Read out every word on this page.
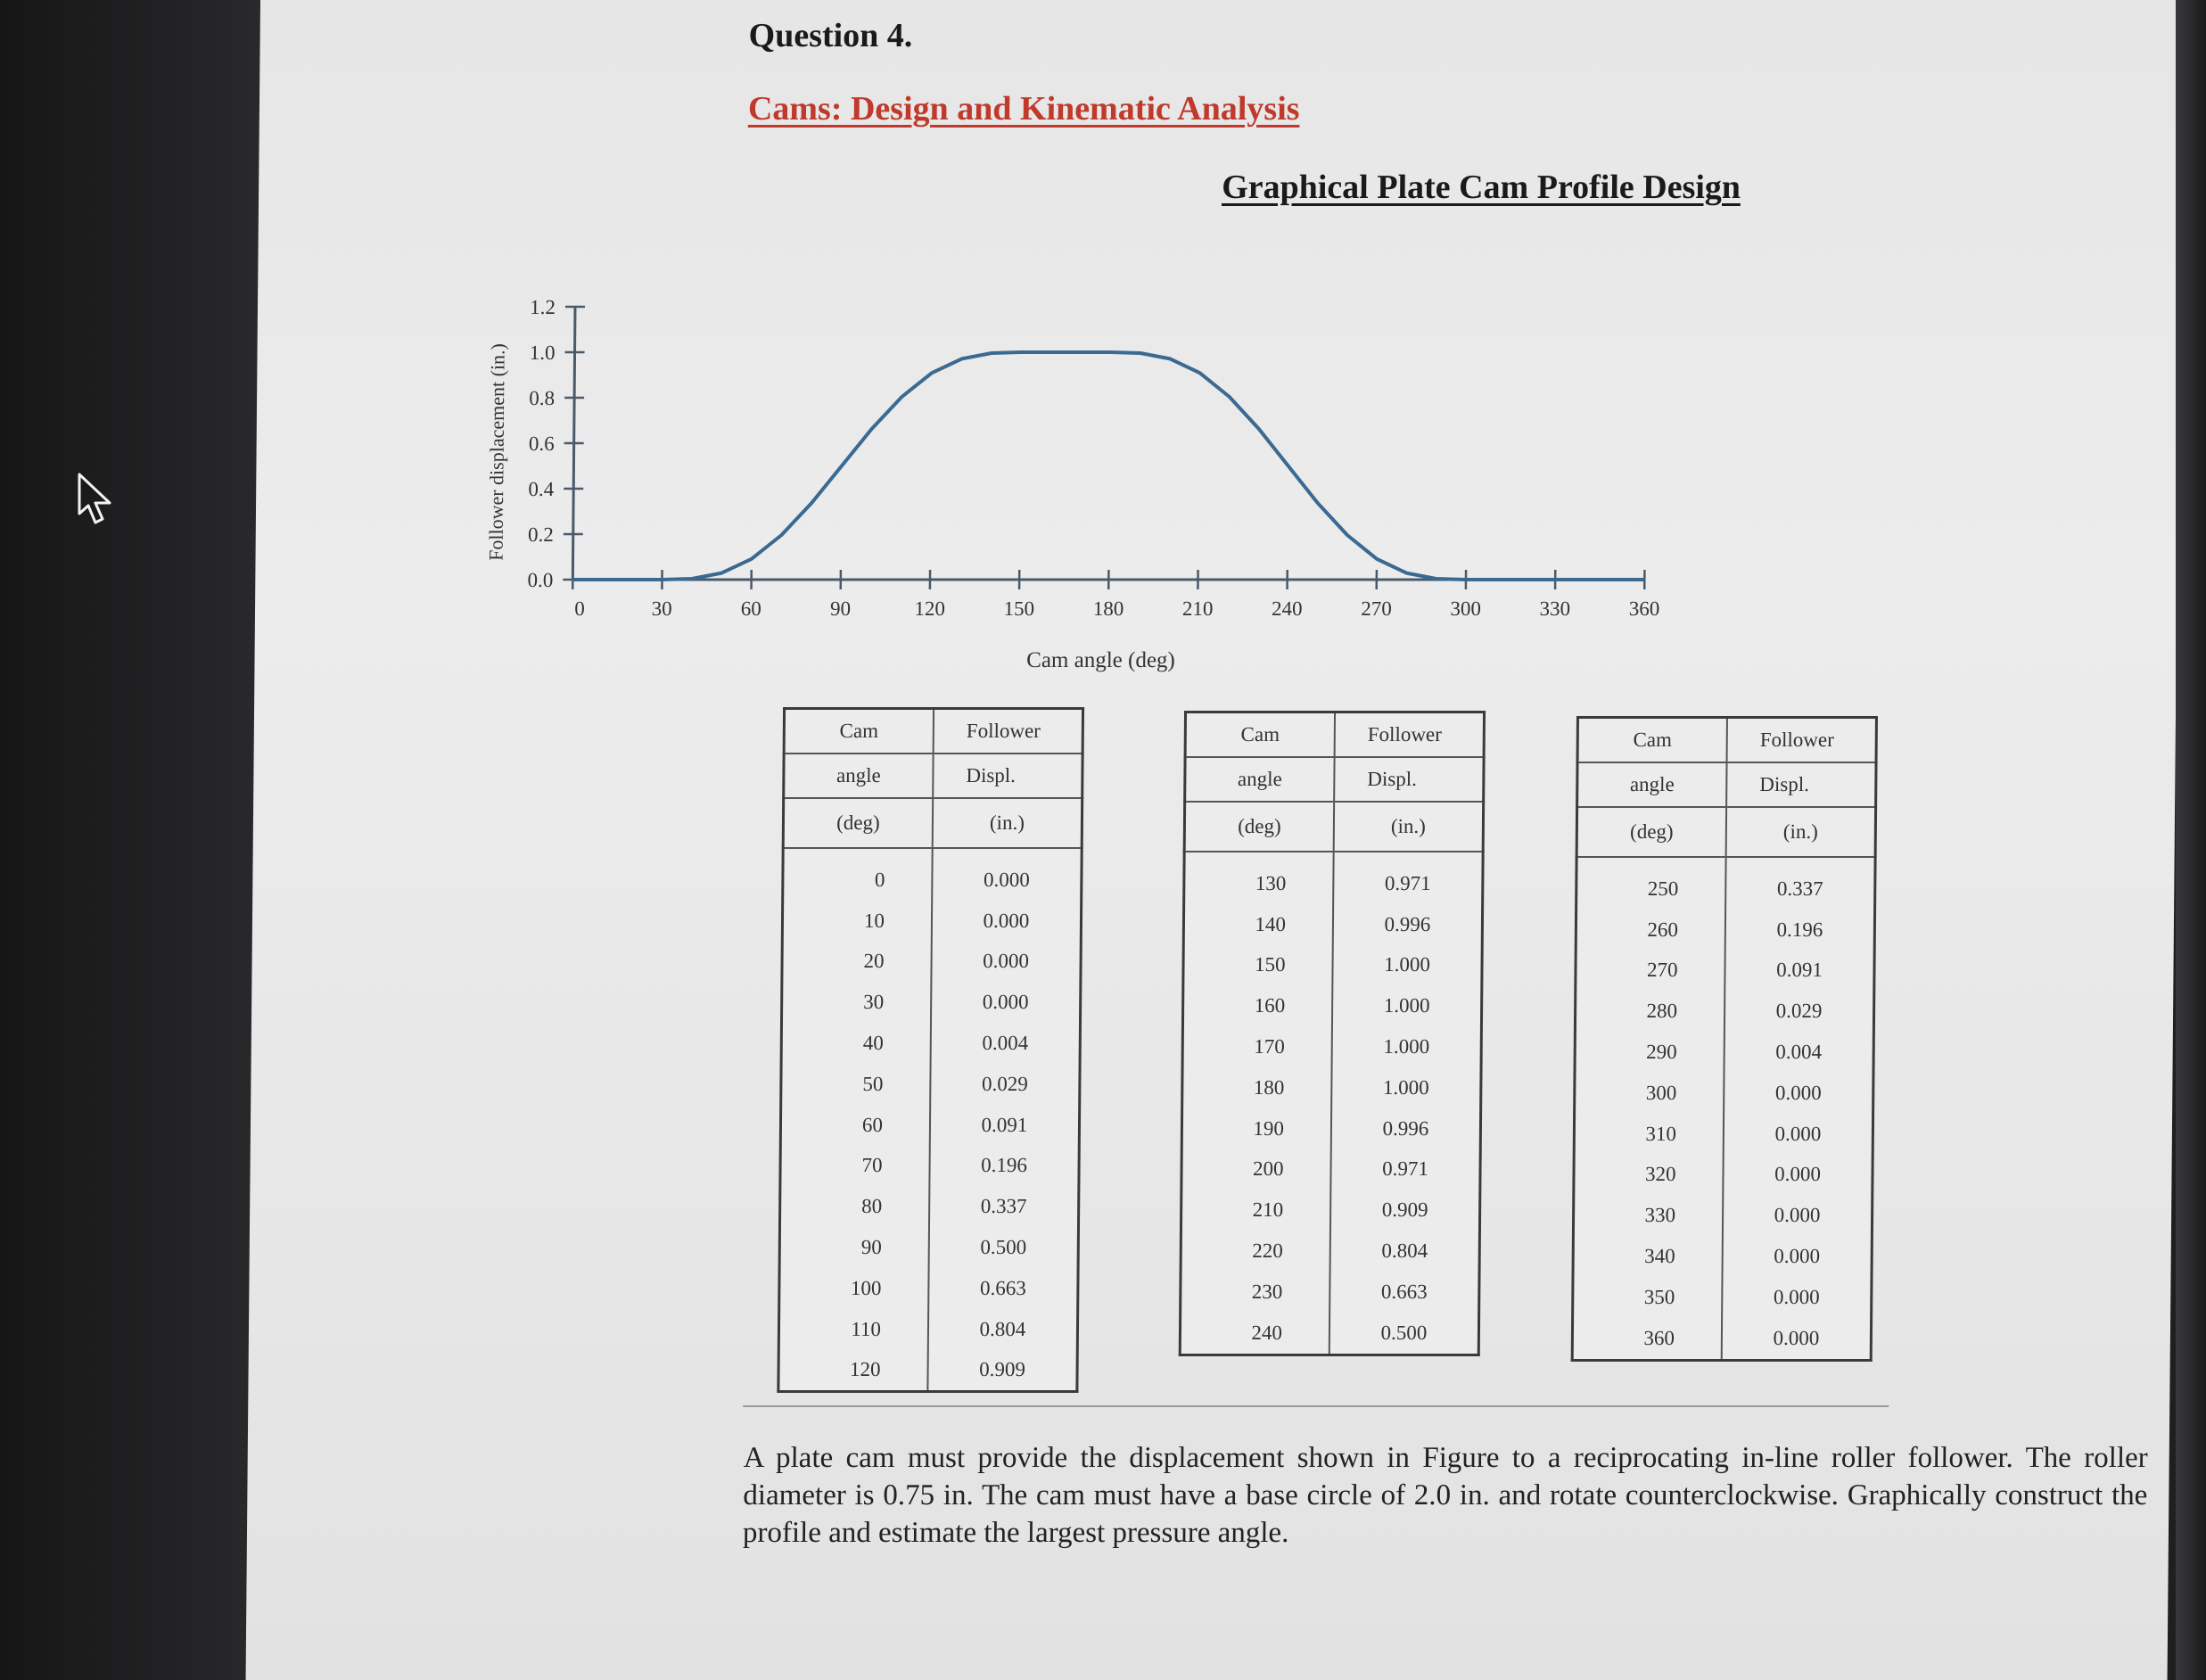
Question 4.
Cams: Design and Kinematic Analysis
Graphical Plate Cam Profile Design
0	30	60	90	120	150	180	210	240	270	300	330	360
0.0
0.2
0.4
0.6
0.8
1.0
1.2
Cam angle (deg)
Follower displacement (in.)
Cam	Follower
angle	Displ.
(deg)	(in.)
0	0.000
10	0.000
20	0.000
30	0.000
40	0.004
50	0.029
60	0.091
70	0.196
80	0.337
90	0.500
100	0.663
110	0.804
120	0.909
Cam	Follower
angle	Displ.
(deg)	(in.)
130	0.971
140	0.996
150	1.000
160	1.000
170	1.000
180	1.000
190	0.996
200	0.971
210	0.909
220	0.804
230	0.663
240	0.500
Cam	Follower
angle	Displ.
(deg)	(in.)
250	0.337
260	0.196
270	0.091
280	0.029
290	0.004
300	0.000
310	0.000
320	0.000
330	0.000
340	0.000
350	0.000
360	0.000
A plate cam must provide the displacement shown in Figure to a reciprocating in-line roller follower. The roller diameter is 0.75 in. The cam must have a base circle of 2.0 in. and rotate counterclockwise. Graphically construct the profile and estimate the largest pressure angle.
